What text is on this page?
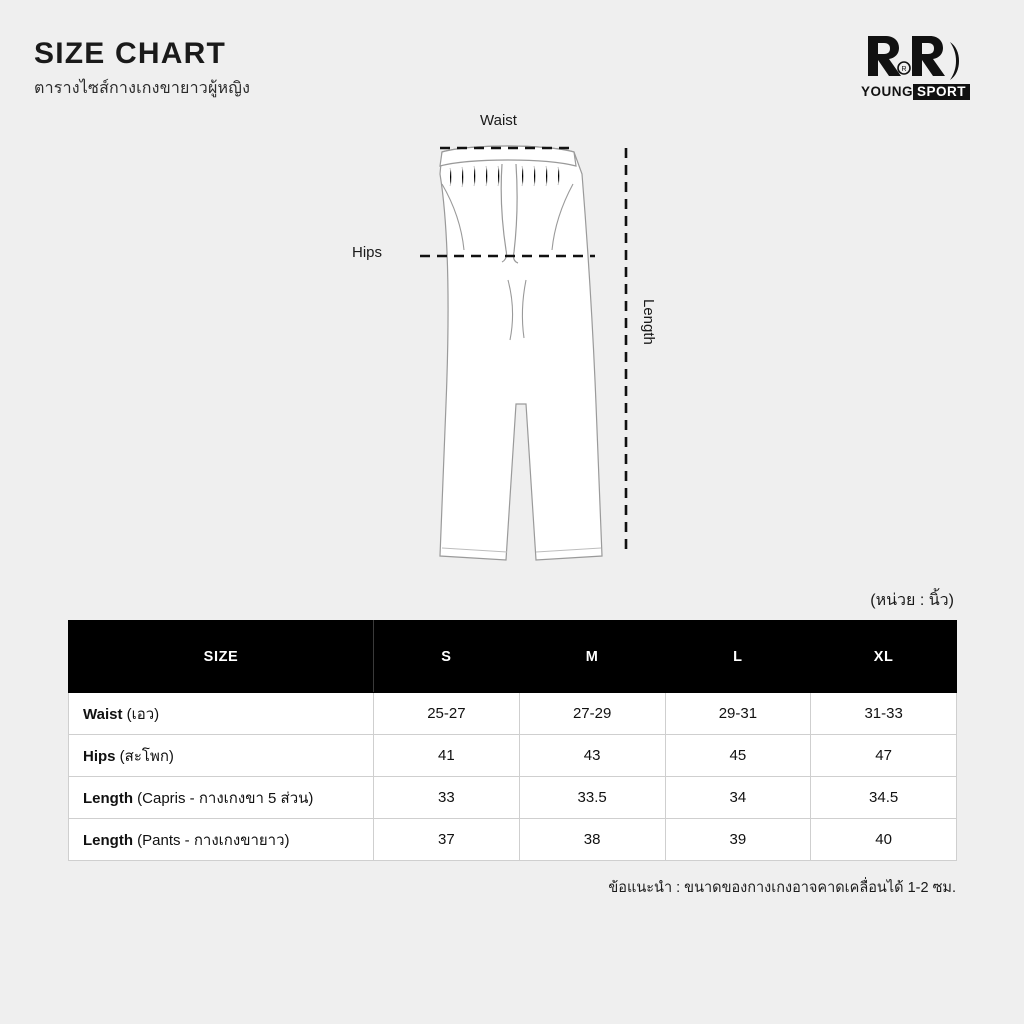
SIZE CHART
ตารางไซส์กางเกงขายาวผู้หญิง
R
YOUNG SPORT
Waist
Hips
Length
(หน่วย : นิ้ว)
SIZE	S	M	L	XL
Waist (เอว)	25-27	27-29	29-31	31-33
Hips (สะโพก)	41	43	45	47
Length (Capris - กางเกงขา 5 ส่วน)	33	33.5	34	34.5
Length (Pants - กางเกงขายาว)	37	38	39	40
ข้อแนะนำ : ขนาดของกางเกงอาจคาดเคลื่อนได้ 1-2 ซม.
